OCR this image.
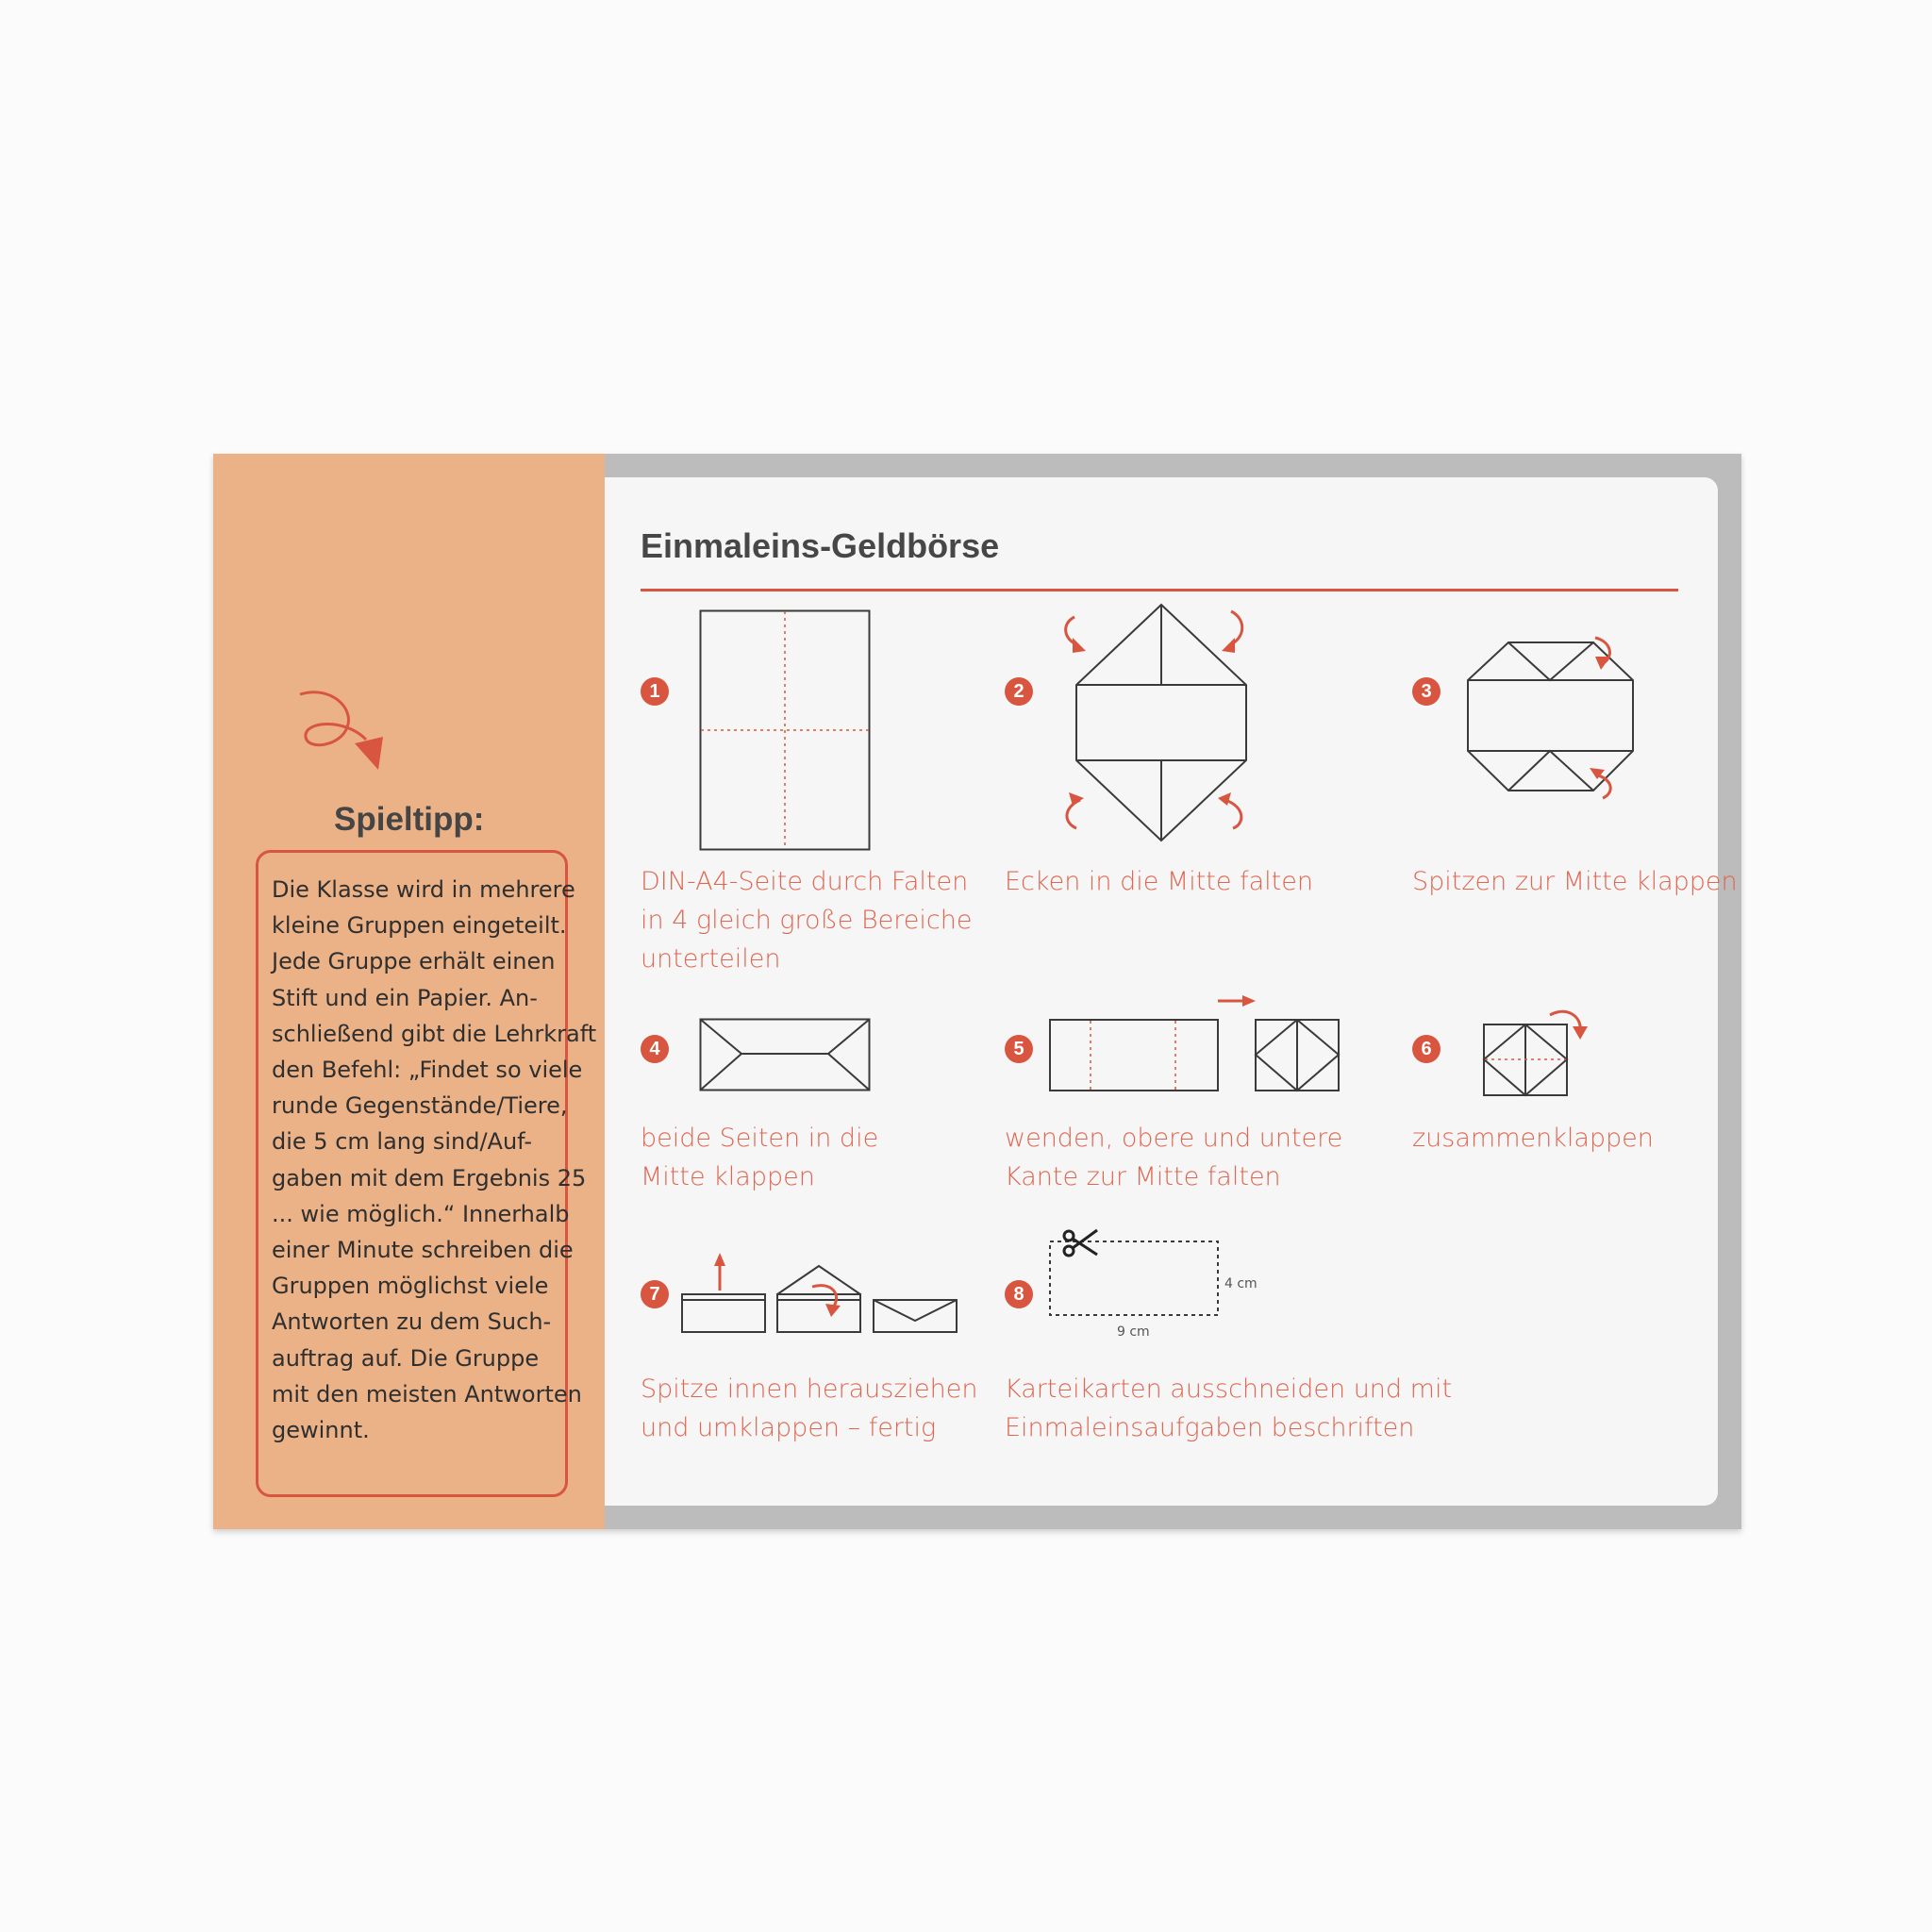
Spieltipp:
Die Klasse wird in mehrere
kleine Gruppen eingeteilt.
Jede Gruppe erhält einen
Stift und ein Papier. An-
schließend gibt die Lehrkraft
den Befehl: „Findet so viele
runde Gegenstände/Tiere,
die 5 cm lang sind/Auf-
gaben mit dem Ergebnis 25
... wie möglich.“ Innerhalb
einer Minute schreiben die
Gruppen möglichst viele
Antworten zu dem Such-
auftrag auf. Die Gruppe
mit den meisten Antworten
gewinnt.
Einmaleins-Geldbörse
1
DIN-A4-Seite durch Falten
in 4 gleich große Bereiche
unterteilen
2
Ecken in die Mitte falten
3
Spitzen zur Mitte klappen
4
beide Seiten in die
Mitte klappen
5
wenden, obere und untere
Kante zur Mitte falten
6
zusammenklappen
7
Spitze innen herausziehen
und umklappen – fertig
8	4 cm
9 cm
Karteikarten ausschneiden und mit
Einmaleinsaufgaben beschriften
